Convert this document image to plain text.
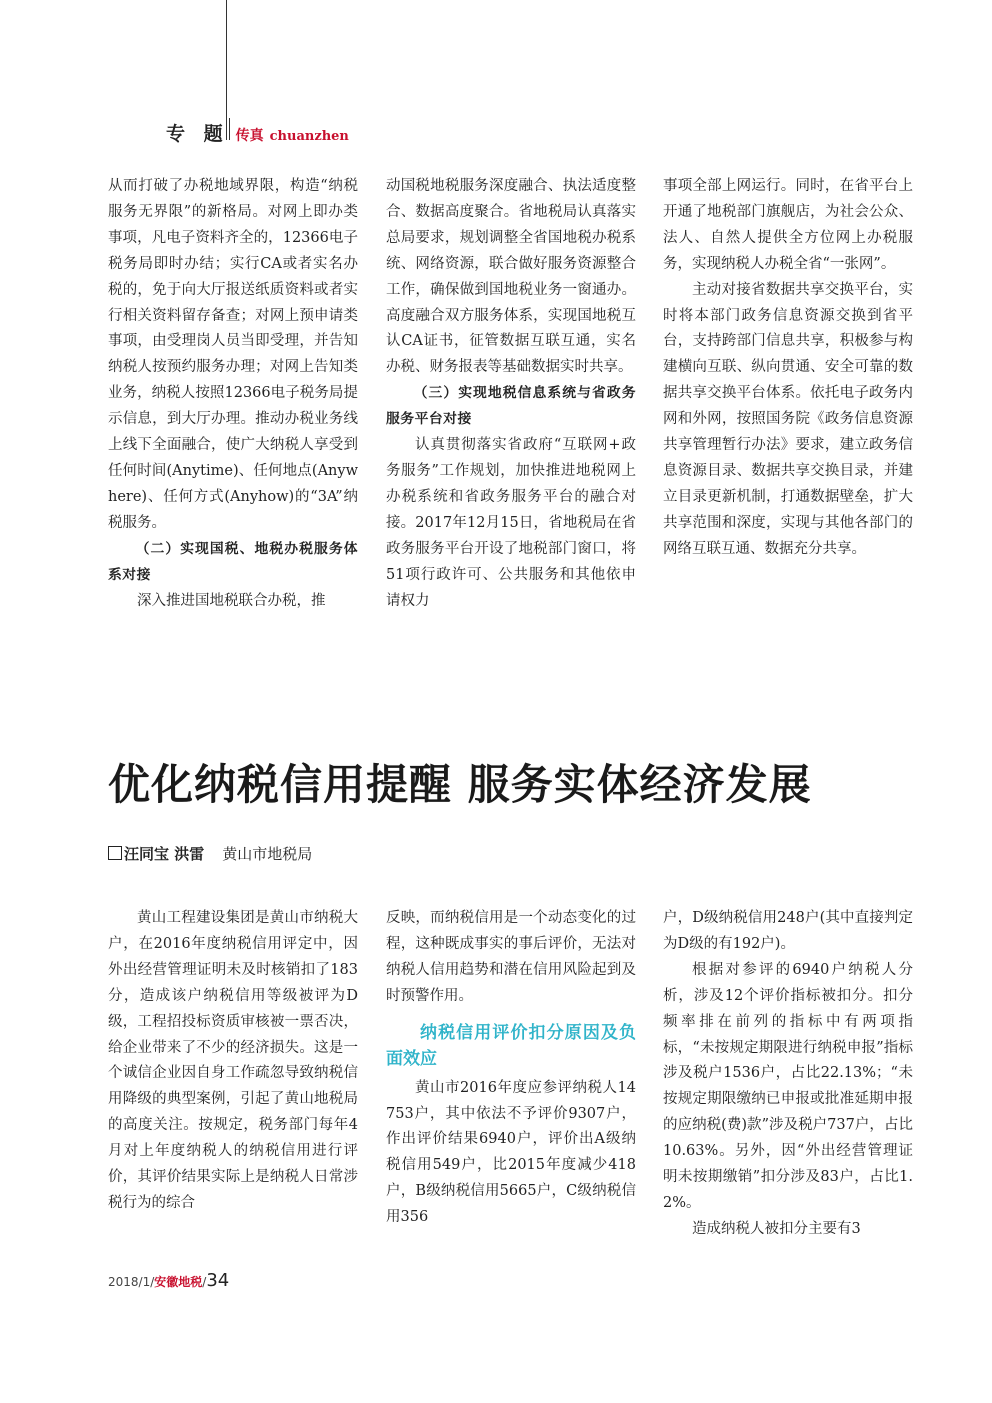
专 题 传真 chuanzhen

从而打破了办税地域界限，构造“纳税服务无界限”的新格局。对网上即办类事项，凡电子资料齐全的，12366电子税务局即时办结；实行CA或者实名办税的，免于向大厅报送纸质资料或者实行相关资料留存备查；对网上预申请类事项，由受理岗人员当即受理，并告知纳税人按预约服务办理；对网上告知类业务，纳税人按照12366电子税务局提示信息，到大厅办理。推动办税业务线上线下全面融合，使广大纳税人享受到任何时间(Anytime)、任何地点(Anywhere)、任何方式(Anyhow)的“3A”纳税服务。

（二）实现国税、地税办税服务体系对接

深入推进国地税联合办税，推

动国税地税服务深度融合、执法适度整合、数据高度聚合。省地税局认真落实总局要求，规划调整全省国地税办税系统、网络资源，联合做好服务资源整合工作，确保做到国地税业务一窗通办。高度融合双方服务体系，实现国地税互认CA证书，征管数据互联互通，实名办税、财务报表等基础数据实时共享。

（三）实现地税信息系统与省政务服务平台对接

认真贯彻落实省政府“互联网+政务服务”工作规划，加快推进地税网上办税系统和省政务服务平台的融合对接。2017年12月15日，省地税局在省政务服务平台开设了地税部门窗口，将51项行政许可、公共服务和其他依申请权力

事项全部上网运行。同时，在省平台上开通了地税部门旗舰店，为社会公众、法人、自然人提供全方位网上办税服务，实现纳税人办税全省“一张网”。

主动对接省数据共享交换平台，实时将本部门政务信息资源交换到省平台，支持跨部门信息共享，积极参与构建横向互联、纵向贯通、安全可靠的数据共享交换平台体系。依托电子政务内网和外网，按照国务院《政务信息资源共享管理暂行办法》要求，建立政务信息资源目录、数据共享交换目录，并建立目录更新机制，打通数据壁垒，扩大共享范围和深度，实现与其他各部门的网络互联互通、数据充分共享。

优化纳税信用提醒 服务实体经济发展
汪同宝 洪雷 黄山市地税局

黄山工程建设集团是黄山市纳税大户，在2016年度纳税信用评定中，因外出经营管理证明未及时核销扣了183分，造成该户纳税信用等级被评为D级，工程招投标资质审核被一票否决，给企业带来了不少的经济损失。这是一个诚信企业因自身工作疏忽导致纳税信用降级的典型案例，引起了黄山地税局的高度关注。按规定，税务部门每年4月对上年度纳税人的纳税信用进行评价，其评价结果实际上是纳税人日常涉税行为的综合

反映，而纳税信用是一个动态变化的过程，这种既成事实的事后评价，无法对纳税人信用趋势和潜在信用风险起到及时预警作用。

纳税信用评价扣分原因及负面效应

黄山市2016年度应参评纳税人14753户，其中依法不予评价9307户，作出评价结果6940户，评价出A级纳税信用549户，比2015年度减少418户，B级纳税信用5665户，C级纳税信用356

户，D级纳税信用248户(其中直接判定为D级的有192户)。

根据对参评的6940户纳税人分析，涉及12个评价指标被扣分。扣分频率排在前列的指标中有两项指标，“未按规定期限进行纳税申报”指标涉及税户1536户，占比22.13%；“未按规定期限缴纳已申报或批准延期申报的应纳税(费)款”涉及税户737户，占比10.63%。另外，因“外出经营管理证明未按期缴销”扣分涉及83户，占比1.2%。

造成纳税人被扣分主要有3

2018/1/安徽地税/34
